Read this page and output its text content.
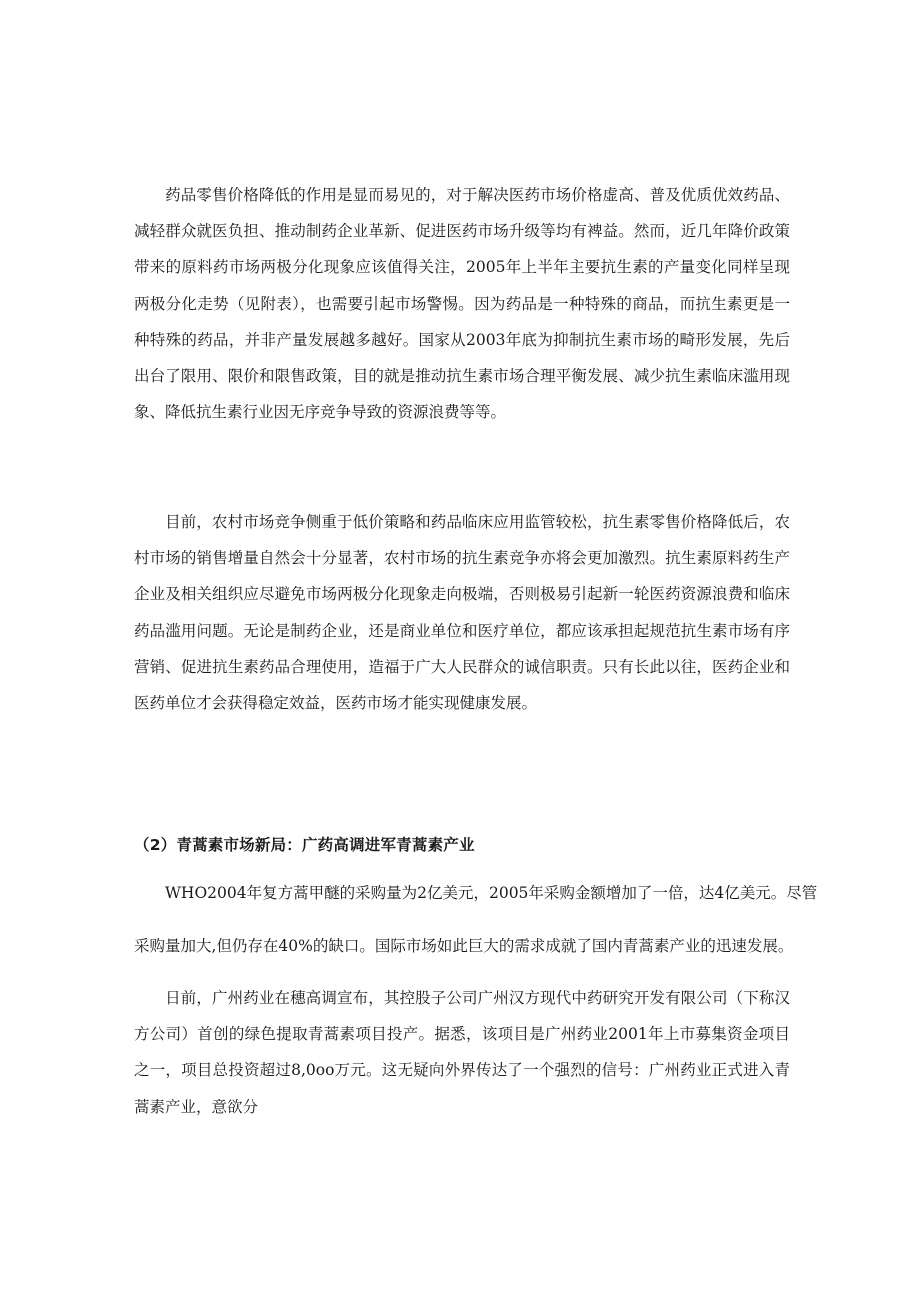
药品零售价格降低的作用是显而易见的，对于解决医药市场价格虚高、普及优质优效药品、减轻群众就医负担、推动制药企业革新、促进医药市场升级等均有裨益。然而，近几年降价政策带来的原料药市场两极分化现象应该值得关注，2005年上半年主要抗生素的产量变化同样呈现两极分化走势（见附表），也需要引起市场警惕。因为药品是一种特殊的商品，而抗生素更是一种特殊的药品，并非产量发展越多越好。国家从2003年底为抑制抗生素市场的畸形发展，先后出台了限用、限价和限售政策，目的就是推动抗生素市场合理平衡发展、减少抗生素临床滥用现象、降低抗生素行业因无序竞争导致的资源浪费等等。

目前，农村市场竞争侧重于低价策略和药品临床应用监管较松，抗生素零售价格降低后，农村市场的销售增量自然会十分显著，农村市场的抗生素竞争亦将会更加激烈。抗生素原料药生产企业及相关组织应尽避免市场两极分化现象走向极端，否则极易引起新一轮医药资源浪费和临床药品滥用问题。无论是制药企业，还是商业单位和医疗单位，都应该承担起规范抗生素市场有序营销、促进抗生素药品合理使用，造福于广大人民群众的诚信职责。只有长此以往，医药企业和医药单位才会获得稳定效益，医药市场才能实现健康发展。

（2）青蒿素市场新局：广药高调进军青蒿素产业

WHO2004年复方蒿甲醚的采购量为2亿美元，2005年采购金额增加了一倍，达4亿美元。尽管

采购量加大,但仍存在40%的缺口。国际市场如此巨大的需求成就了国内青蒿素产业的迅速发展。

日前，广州药业在穗高调宣布，其控股子公司广州汉方现代中药研究开发有限公司（下称汉方公司）首创的绿色提取青蒿素项目投产。据悉，该项目是广州药业2001年上市募集资金项目之一，项目总投资超过8,0oo万元。这无疑向外界传达了一个强烈的信号：广州药业正式进入青蒿素产业，意欲分
